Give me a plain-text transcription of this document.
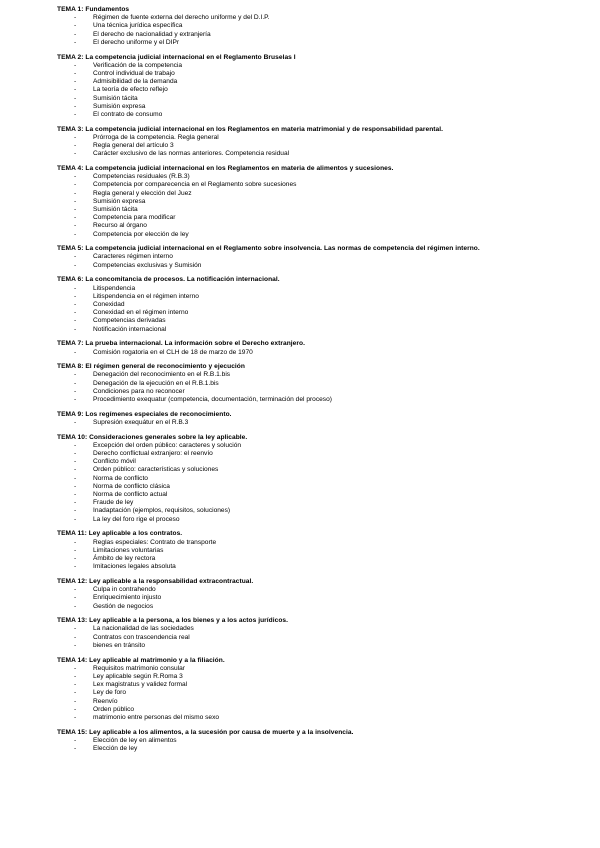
TEMA 1: Fundamentos
-	Régimen de fuente externa del derecho uniforme y del D.I.P.
-	Una técnica jurídica específica
-	El derecho de nacionalidad y extranjería
-	El derecho uniforme y el DIPr
TEMA 2: La competencia judicial internacional en el Reglamento Bruselas I
-	Verificación de la competencia
-	Control individual de trabajo
-	Admisibilidad de la demanda
-	La teoría de efecto reflejo
-	Sumisión tácita
-	Sumisión expresa
-	El contrato de consumo
TEMA 3: La competencia judicial internacional en los Reglamentos en materia matrimonial y de responsabilidad parental.
-	Prórroga de la competencia. Regla general
-	Regla general del artículo 3
-	Carácter exclusivo de las normas anteriores. Competencia residual
TEMA 4: La competencia judicial internacional en los Reglamentos en materia de alimentos y sucesiones.
-	Competencias residuales (R.B.3)
-	Competencia por comparecencia en el Reglamento sobre sucesiones
-	Regla general y elección del Juez
-	Sumisión expresa
-	Sumisión tácita
-	Competencia para modificar
-	Recurso al órgano
-	Competencia por elección de ley
TEMA 5: La competencia judicial internacional en el Reglamento sobre insolvencia. Las normas de competencia del régimen interno.
-	Caracteres régimen interno
-	Competencias exclusivas y Sumisión
TEMA 6: La concomitancia de procesos. La notificación internacional.
-	Litispendencia
-	Litispendencia en el régimen interno
-	Conexidad
-	Conexidad en el régimen interno
-	Competencias derivadas
-	Notificación internacional
TEMA 7: La prueba internacional. La información sobre el Derecho extranjero.
-	Comisión rogatoria en el CLH de 18 de marzo de 1970
TEMA 8: El régimen general de reconocimiento y ejecución
-	Denegación del reconocimiento en el R.B.1.bis
-	Denegación de la ejecución en el R.B.1.bis
-	Condiciones para no reconocer
-	Procedimiento exequatur (competencia, documentación, terminación del proceso)
TEMA 9: Los regímenes especiales de reconocimiento.
-	Supresión exequátur en el R.B.3
TEMA 10: Consideraciones generales sobre la ley aplicable.
-	Excepción del orden público: caracteres y solución
-	Derecho conflictual extranjero: el reenvío
-	Conflicto móvil
-	Orden público: características y soluciones
-	Norma de conflicto
-	Norma de conflicto clásica
-	Norma de conflicto actual
-	Fraude de ley
-	Inadaptación (ejemplos, requisitos, soluciones)
-	La ley del foro rige el proceso
TEMA 11: Ley aplicable a los contratos.
-	Reglas especiales: Contrato de transporte
-	Limitaciones voluntarias
-	Ámbito de ley rectora
-	Imitaciones legales absoluta
TEMA 12: Ley aplicable a la responsabilidad extracontractual.
-	Culpa in contrahendo
-	Enriquecimiento injusto
-	Gestión de negocios
TEMA 13: Ley aplicable a la persona, a los bienes y a los actos jurídicos.
-	La nacionalidad de las sociedades
-	Contratos con trascendencia real
-	bienes en tránsito
TEMA 14: Ley aplicable al matrimonio y a la filiación.
-	Requisitos matrimonio consular
-	Ley aplicable según R.Roma 3
-	Lex magistratus y validez formal
-	Ley de foro
-	Reenvío
-	Orden público
-	matrimonio entre personas del mismo sexo
TEMA 15: Ley aplicable a los alimentos, a la sucesión por causa de muerte y a la insolvencia.
-	Elección de ley en alimentos
-	Elección de ley
